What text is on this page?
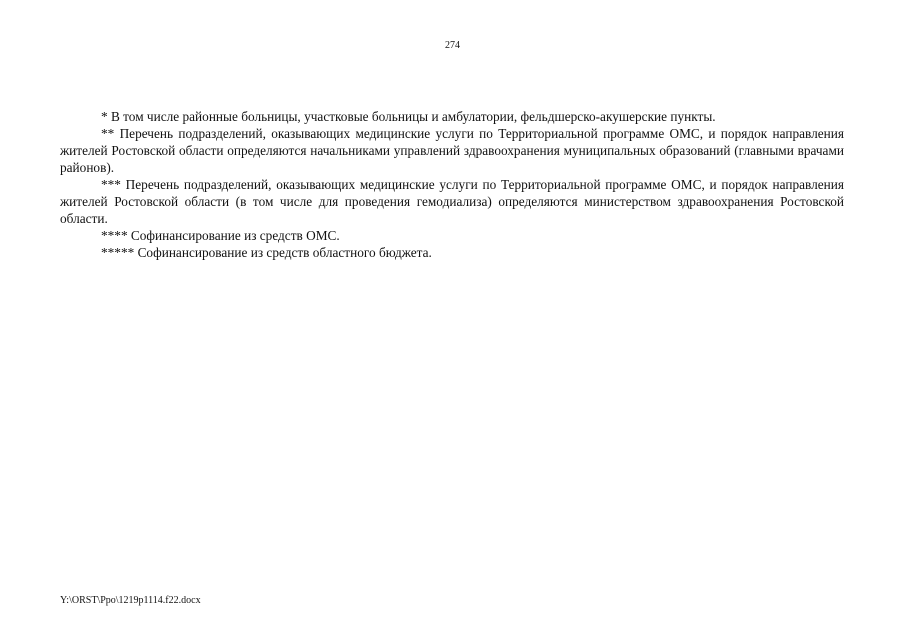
274

* В том числе районные больницы, участковые больницы и амбулатории, фельдшерско-акушерские пункты.

** Перечень подразделений, оказывающих медицинские услуги по Территориальной программе ОМС, и порядок направления жителей Ростовской области определяются начальниками управлений здравоохранения муниципальных образований (главными врачами районов).

*** Перечень подразделений, оказывающих медицинские услуги по Территориальной программе ОМС, и порядок направления жителей Ростовской области (в том числе для проведения гемодиализа) определяются министерством здравоохранения Ростовской области.

**** Софинансирование из средств ОМС.

***** Софинансирование из средств областного бюджета.

Y:\ORST\Ppo\1219p1114.f22.docx
